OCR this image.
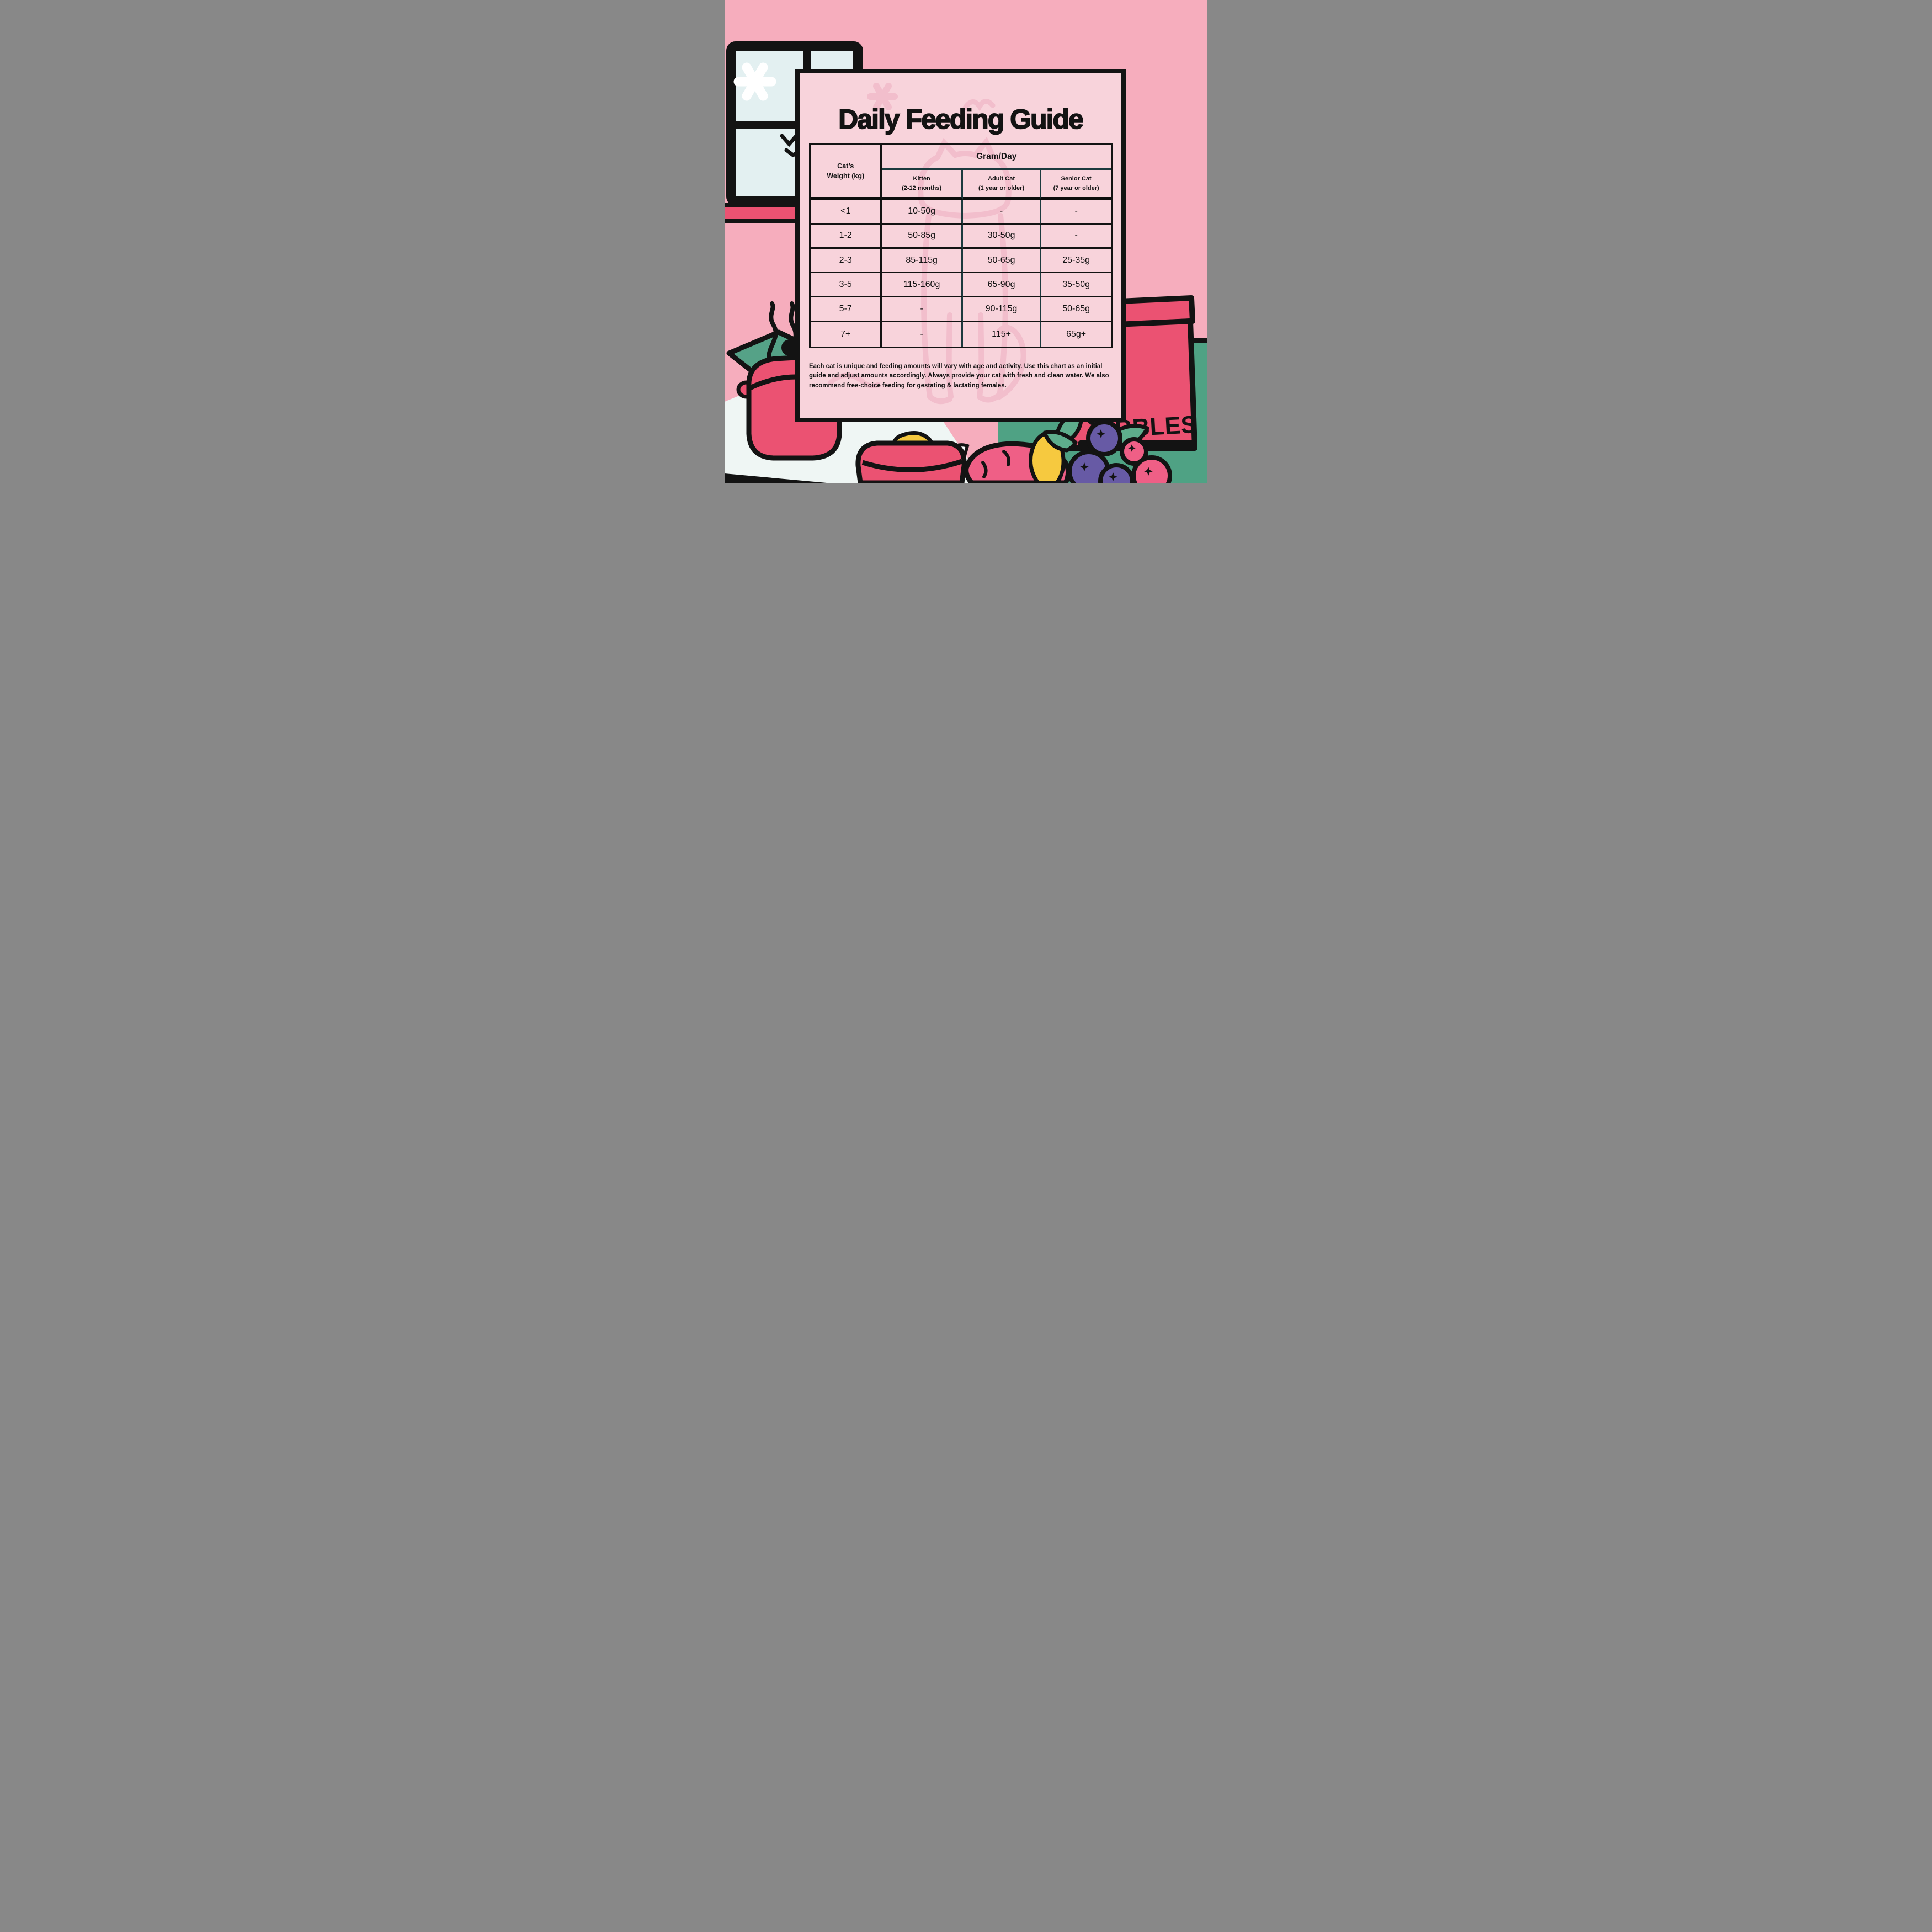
Daily Feeding Guide
Cat’s Weight (kg)
Gram/Day
Kitten
(2-12 months)
Adult Cat
(1 year or older)
Senior Cat
(7 year or older)
<1	10-50g	-	-
1-2	50-85g	30-50g	-
2-3	85-115g	50-65g	25-35g
3-5	115-160g	65-90g	35-50g
5-7	-	90-115g	50-65g
7+	-	115+	65g+
Each cat is unique and feeding amounts will vary with age and activity. Use this chart as an initial guide and adjust amounts accordingly. Always provide your cat with fresh and clean water. We also recommend free-choice feeding for gestating & lactating females.
